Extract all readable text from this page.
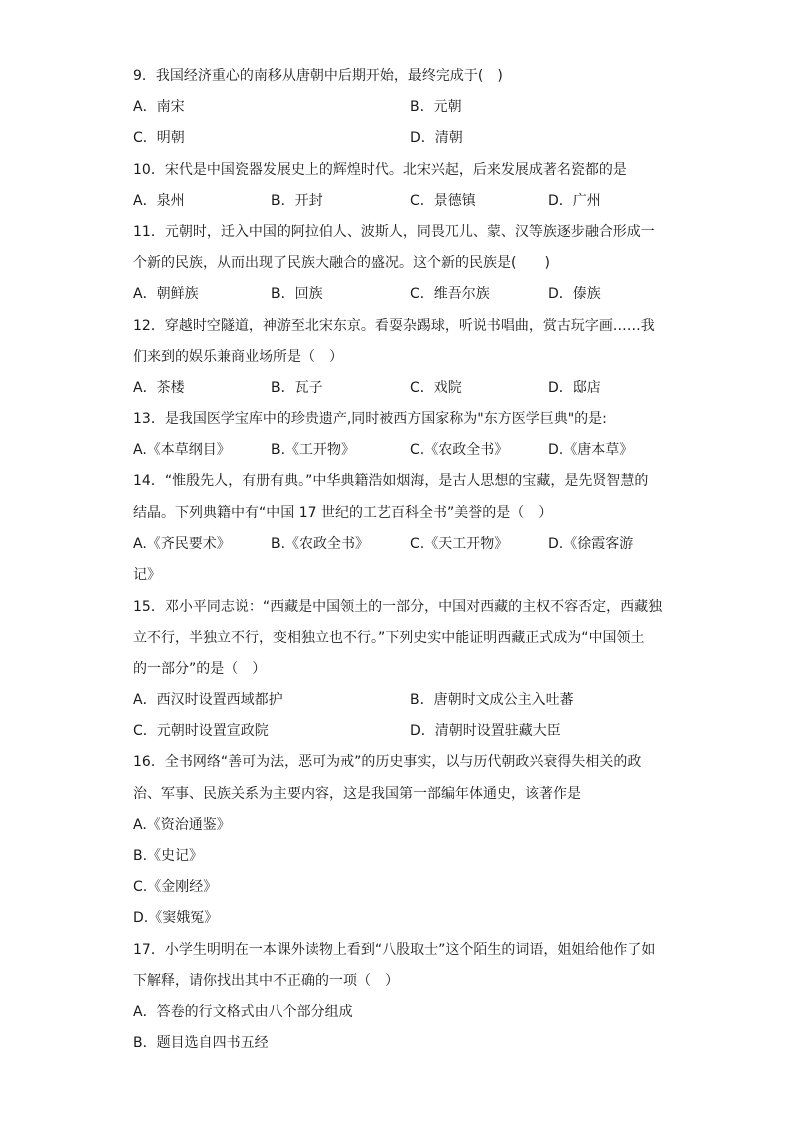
9．我国经济重心的南移从唐朝中后期开始，最终完成于(　)
A．南宋	B．元朝
C．明朝	D．清朝
10．宋代是中国瓷器发展史上的辉煌时代。北宋兴起，后来发展成著名瓷都的是
A．泉州	B．开封	C．景德镇	D．广州
11．元朝时，迁入中国的阿拉伯人、波斯人，同畏兀儿、蒙、汉等族逐步融合形成一
个新的民族，从而出现了民族大融合的盛况。这个新的民族是(　　)
A．朝鲜族	B．回族	C．维吾尔族	D．傣族
12．穿越时空隧道，神游至北宋东京。看耍杂踢球，听说书唱曲，赏古玩字画……我
们来到的娱乐兼商业场所是（　）
A．茶楼	B．瓦子	C．戏院	D．邸店
13．是我国医学宝库中的珍贵遗产,同时被西方国家称为"东方医学巨典"的是:
A.《本草纲目》	B.《工开物》	C.《农政全书》	D.《唐本草》
14．“惟殷先人，有册有典。”中华典籍浩如烟海，是古人思想的宝藏，是先贤智慧的
结晶。下列典籍中有“中国 17 世纪的工艺百科全书”美誉的是（　）
A.《齐民要术》	B.《农政全书》	C.《天工开物》	D.《徐霞客游
记》
15．邓小平同志说：“西藏是中国领土的一部分，中国对西藏的主权不容否定，西藏独
立不行，半独立不行，变相独立也不行。”下列史实中能证明西藏正式成为“中国领土
的一部分”的是（　）
A．西汉时设置西域都护	B．唐朝时文成公主入吐蕃
C．元朝时设置宣政院	D．清朝时设置驻藏大臣
16．全书网络“善可为法，恶可为戒”的历史事实，以与历代朝政兴衰得失相关的政
治、军事、民族关系为主要内容，这是我国第一部编年体通史，该著作是
A.《资治通鉴》
B.《史记》
C.《金刚经》
D.《窦娥冤》
17．小学生明明在一本课外读物上看到“八股取士”这个陌生的词语，姐姐给他作了如
下解释，请你找出其中不正确的一项（　）
A．答卷的行文格式由八个部分组成
B．题目选自四书五经
